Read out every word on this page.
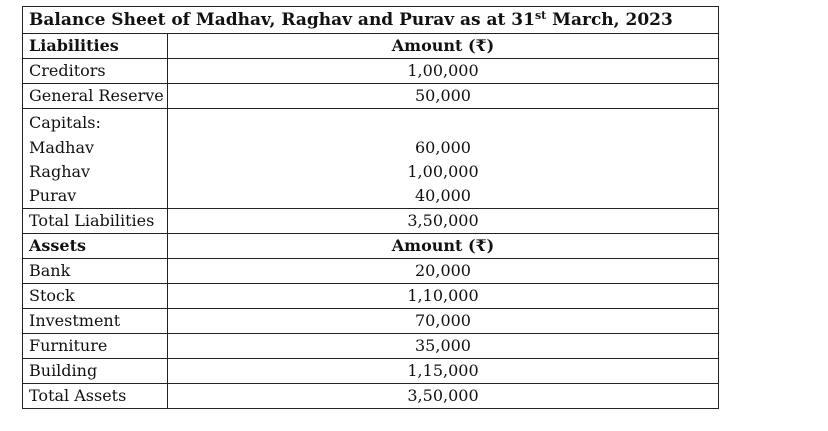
Balance Sheet of Madhav, Raghav and Purav as at 31st March, 2023	
Liabilities	Amount (₹)
Creditors	1,00,000
General Reserve	50,000
Capitals:	
Madhav	60,000
Raghav	1,00,000
Purav	40,000
Total Liabilities	3,50,000
Assets	Amount (₹)
Bank	20,000
Stock	1,10,000
Investment	70,000
Furniture	35,000
Building	1,15,000
Total Assets	3,50,000
